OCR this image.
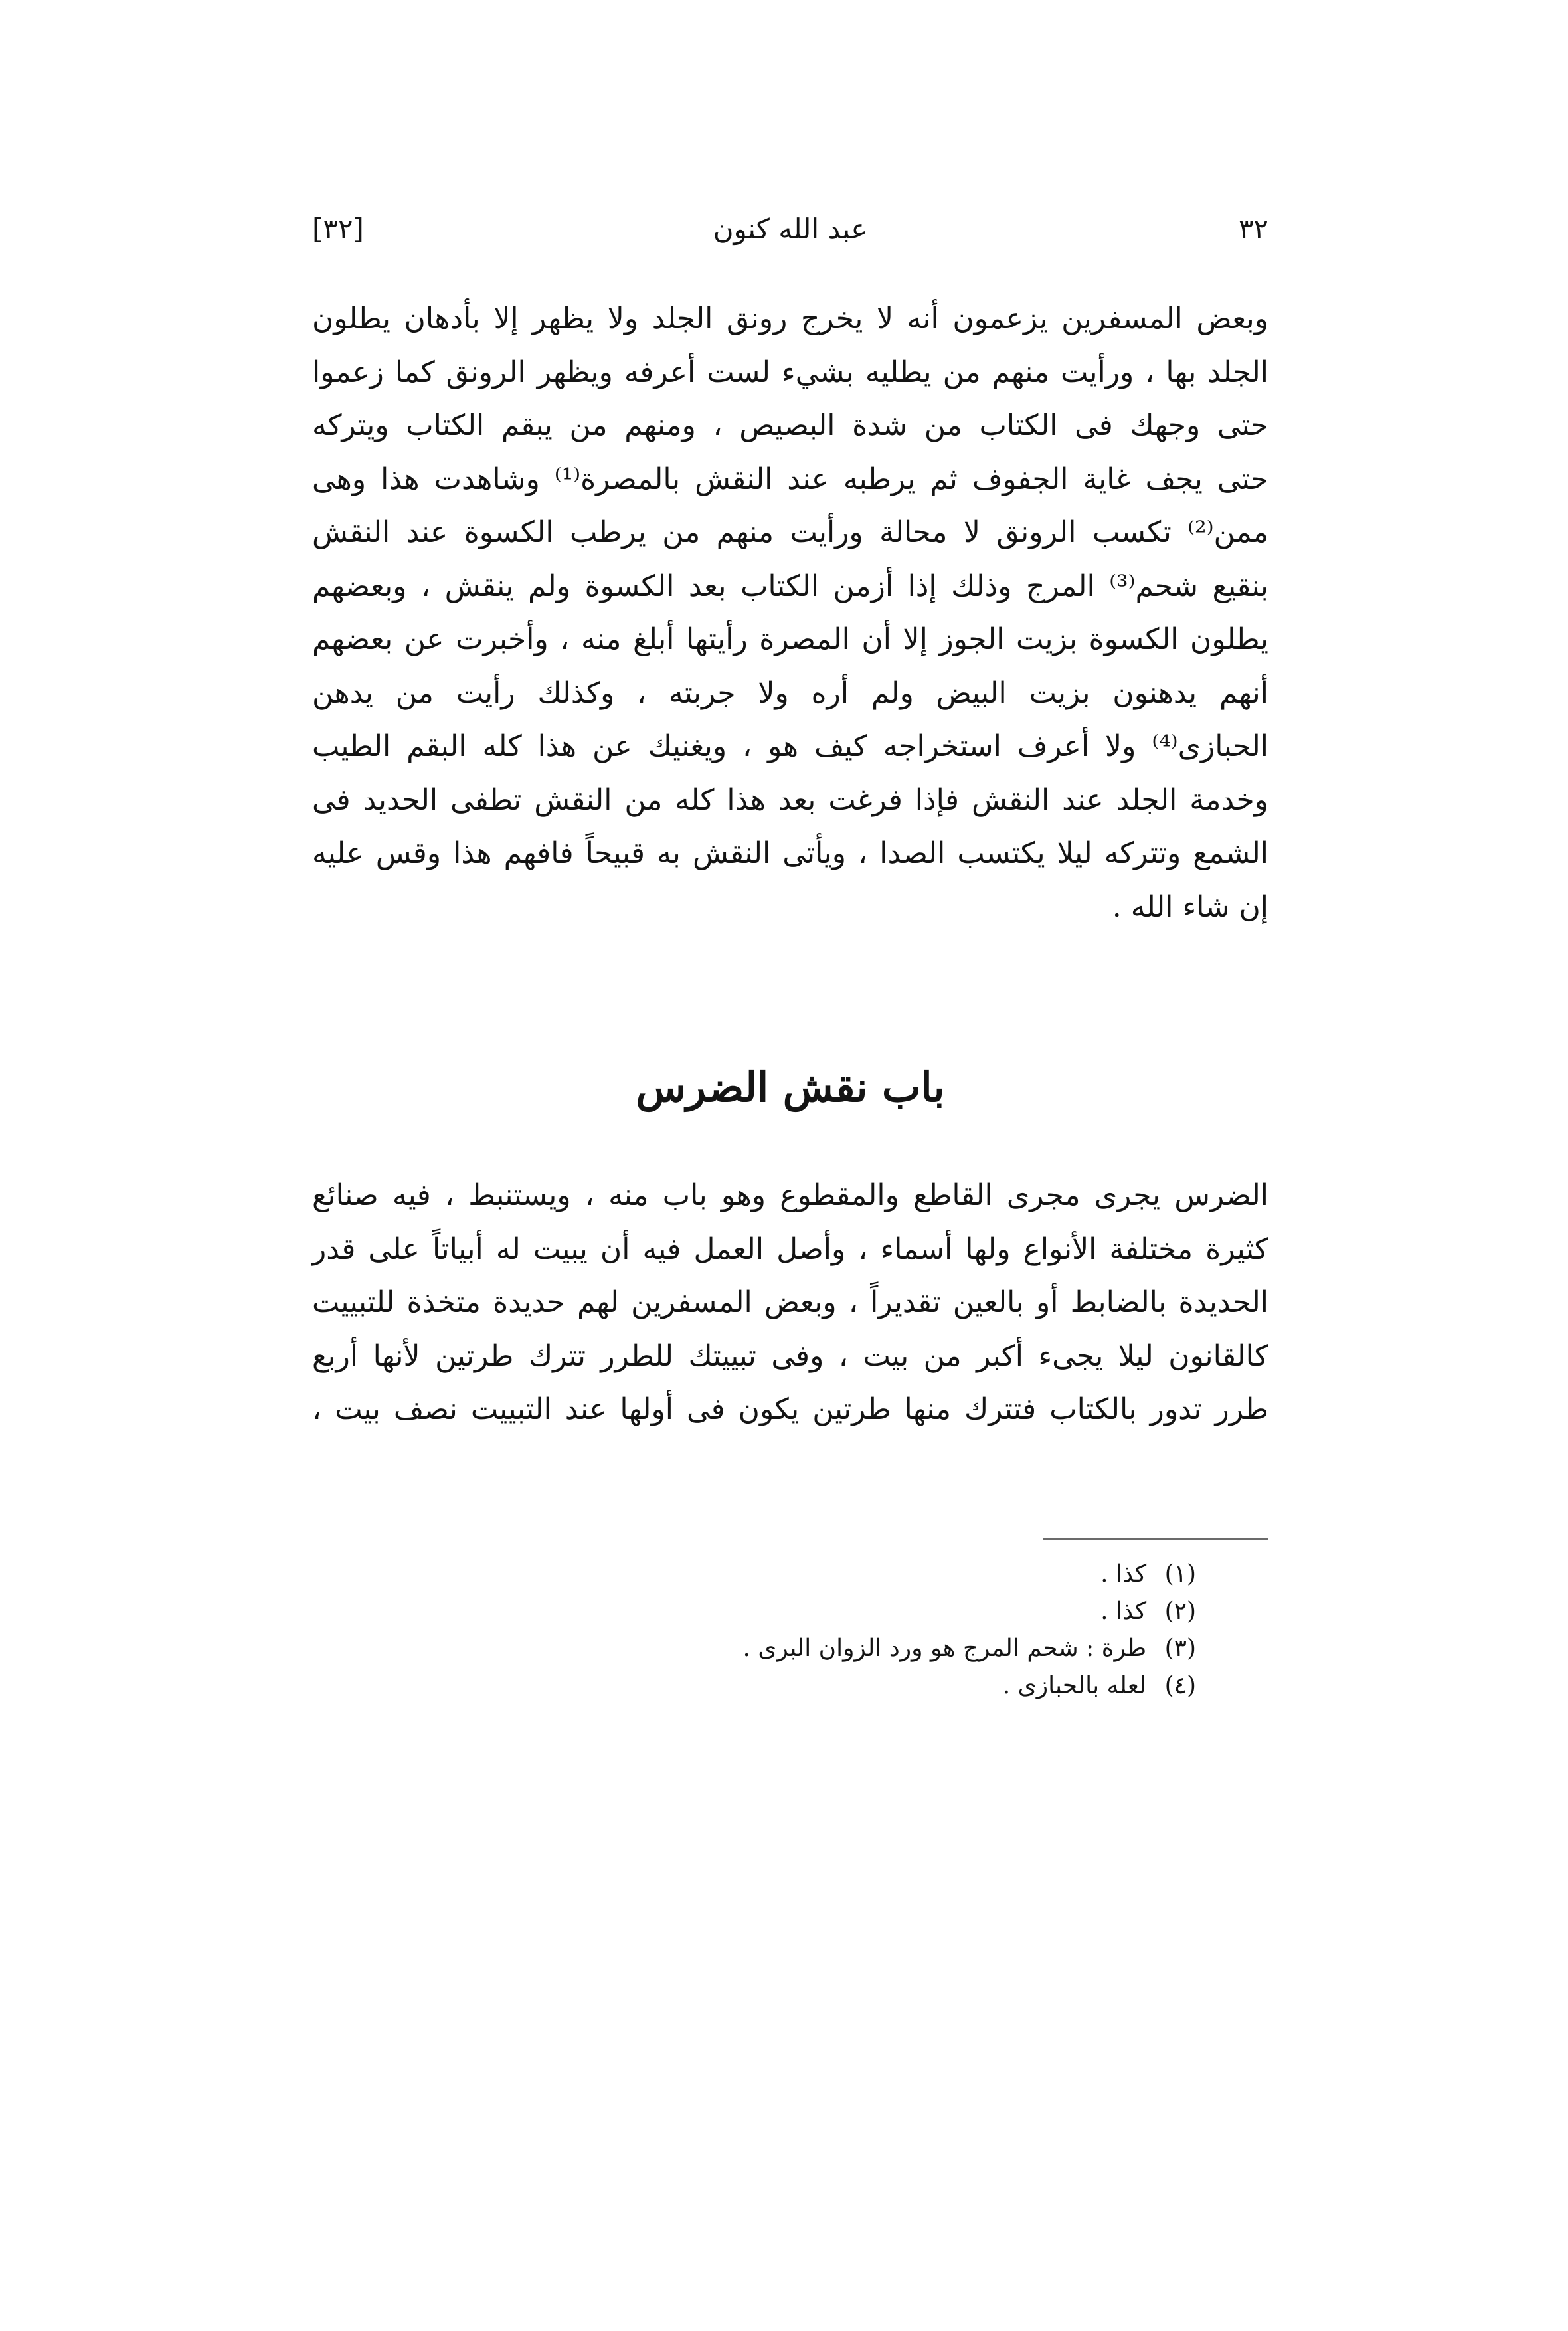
٣٢
عبد الله كنون
[٣٢]
وبعض المسفرين يزعمون أنه لا يخرج رونق الجلد ولا يظهر إلا بأدهان يطلون
الجلد بها ، ورأيت منهم من يطليه بشيء لست أعرفه ويظهر الرونق كما زعموا
حتى وجهك فى الكتاب من شدة البصيص ، ومنهم من يبقم الكتاب ويتركه
حتى يجف غاية الجفوف ثم يرطبه عند النقش بالمصرة⁽¹⁾ وشاهدت هذا وهى
ممن⁽²⁾ تكسب الرونق لا محالة ورأيت منهم من يرطب الكسوة عند النقش
بنقيع شحم⁽³⁾ المرج وذلك إذا أزمن الكتاب بعد الكسوة ولم ينقش ، وبعضهم
يطلون الكسوة بزيت الجوز إلا أن المصرة رأيتها أبلغ منه ، وأخبرت عن بعضهم
أنهم يدهنون بزيت البيض ولم أره ولا جربته ، وكذلك رأيت من يدهن
الحبازى⁽⁴⁾ ولا أعرف استخراجه كيف هو ، ويغنيك عن هذا كله البقم الطيب
وخدمة الجلد عند النقش فإذا فرغت بعد هذا كله من النقش تطفى الحديد فى
الشمع وتتركه ليلا يكتسب الصدا ، ويأتى النقش به قبيحاً فافهم هذا وقس عليه
إن شاء الله .
باب نقش الضرس
الضرس يجرى مجرى القاطع والمقطوع وهو باب منه ، ويستنبط ، فيه صنائع
كثيرة مختلفة الأنواع ولها أسماء ، وأصل العمل فيه أن يبيت له أبياتاً على قدر
الحديدة بالضابط أو بالعين تقديراً ، وبعض المسفرين لهم حديدة متخذة للتبييت
كالقانون ليلا يجىء أكبر من بيت ، وفى تبييتك للطرر تترك طرتين لأنها أربع
طرر تدور بالكتاب فتترك منها طرتين يكون فى أولها عند التبييت نصف بيت ،
(١) كذا .
(٢) كذا .
(٣) طرة : شحم المرج هو ورد الزوان البرى .
(٤) لعله بالحبازى .
